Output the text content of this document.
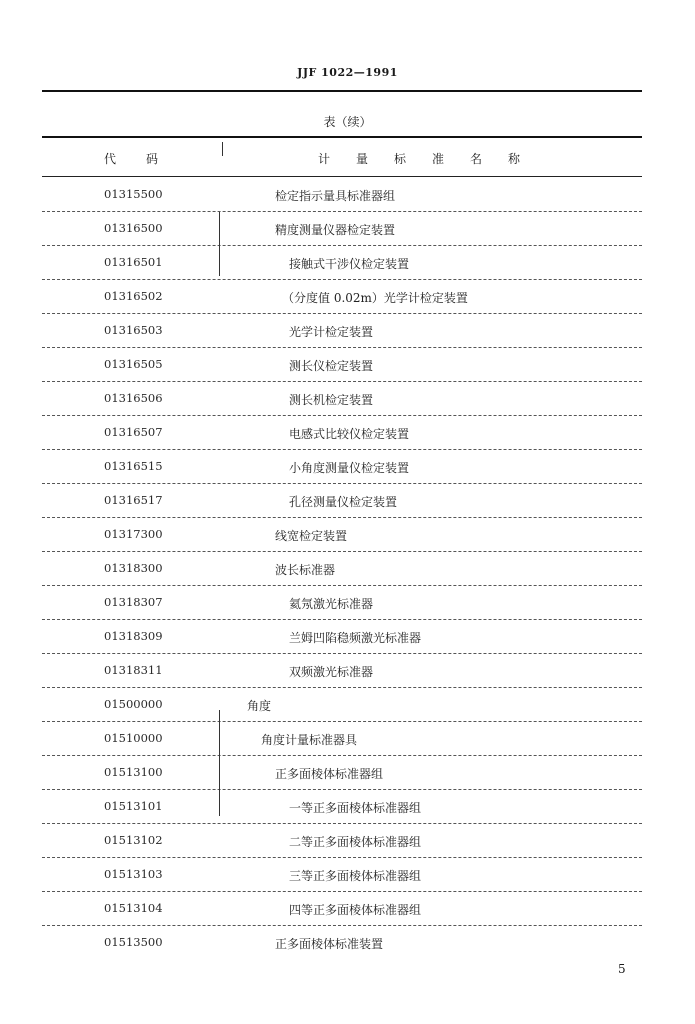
JJF 1022—1991
表（续）
代码	计量标准名称
01315500	检定指示量具标准器组
01316500	精度测量仪器检定装置
01316501	接触式干涉仪检定装置
01316502	（分度值 0.02m）光学计检定装置
01316503	光学计检定装置
01316505	测长仪检定装置
01316506	测长机检定装置
01316507	电感式比较仪检定装置
01316515	小角度测量仪检定装置
01316517	孔径测量仪检定装置
01317300	线宽检定装置
01318300	波长标准器
01318307	氦氖激光标准器
01318309	兰姆凹陷稳频激光标准器
01318311	双频激光标准器
01500000	角度
01510000	角度计量标准器具
01513100	正多面棱体标准器组
01513101	一等正多面棱体标准器组
01513102	二等正多面棱体标准器组
01513103	三等正多面棱体标准器组
01513104	四等正多面棱体标准器组
01513500	正多面棱体标准装置
5
